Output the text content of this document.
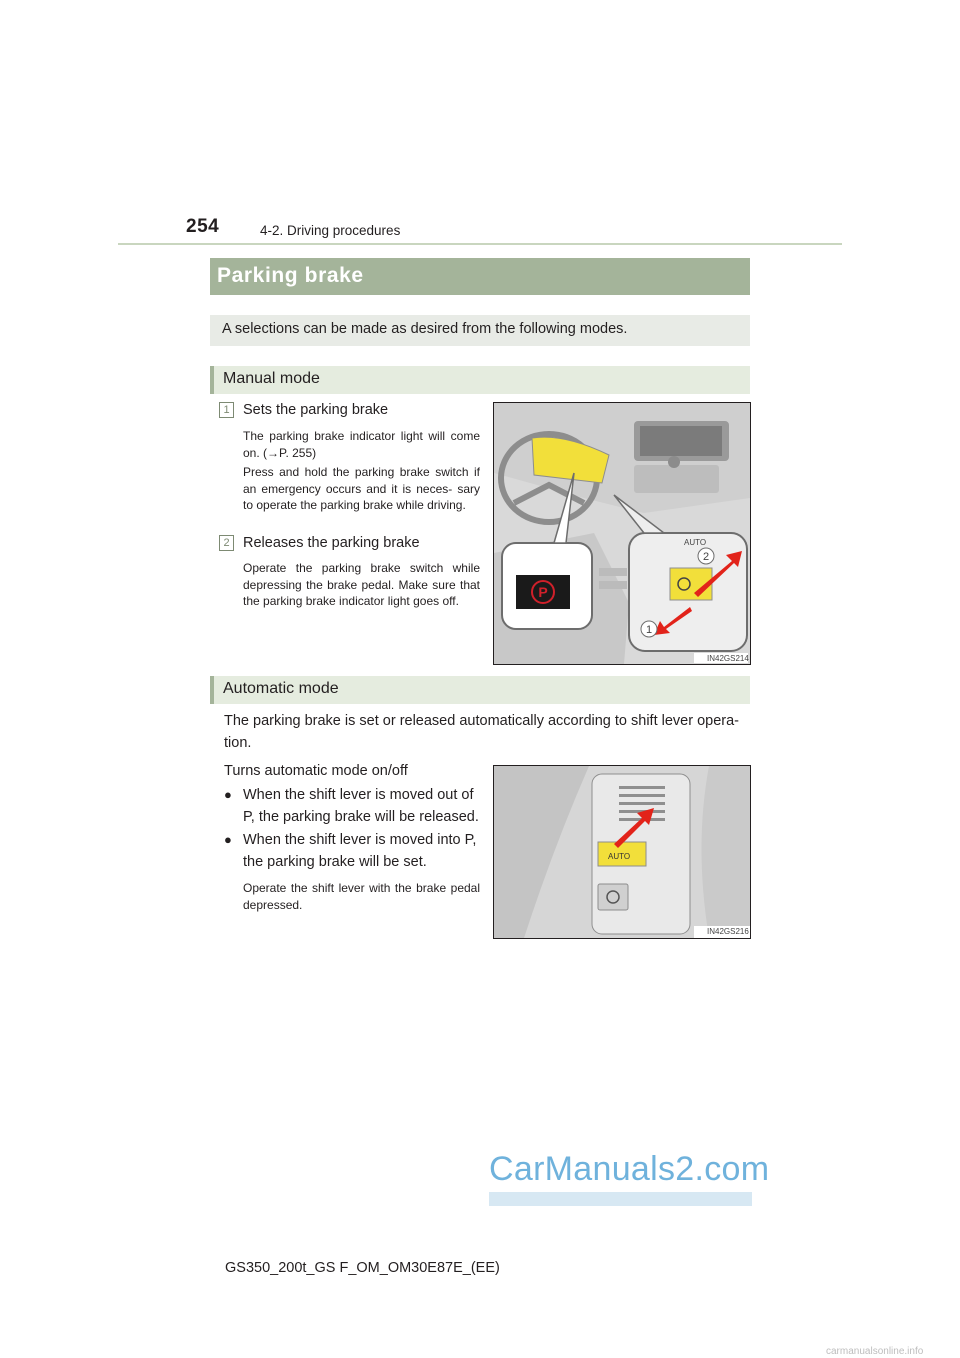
254	4-2. Driving procedures
Parking brake
A selections can be made as desired from the following modes.
Manual mode
1 Sets the parking brake
The parking brake indicator light will come on. (→P. 255)
Press and hold the parking brake switch if an emergency occurs and it is neces- sary to operate the parking brake while driving.
2 Releases the parking brake
Operate the parking brake switch while depressing the brake pedal. Make sure that the parking brake indicator light goes off.
P
AUTO
2
1
IN42GS214
Automatic mode
The parking brake is set or released automatically according to shift lever opera- tion.
Turns automatic mode on/off
● When the shift lever is moved out of P, the parking brake will be released.
● When the shift lever is moved into P, the parking brake will be set.
Operate the shift lever with the brake pedal depressed.
AUTO
IN42GS216
GS350_200t_GS F_OM_OM30E87E_(EE)
CarManuals2.com
carmanualsonline.info
